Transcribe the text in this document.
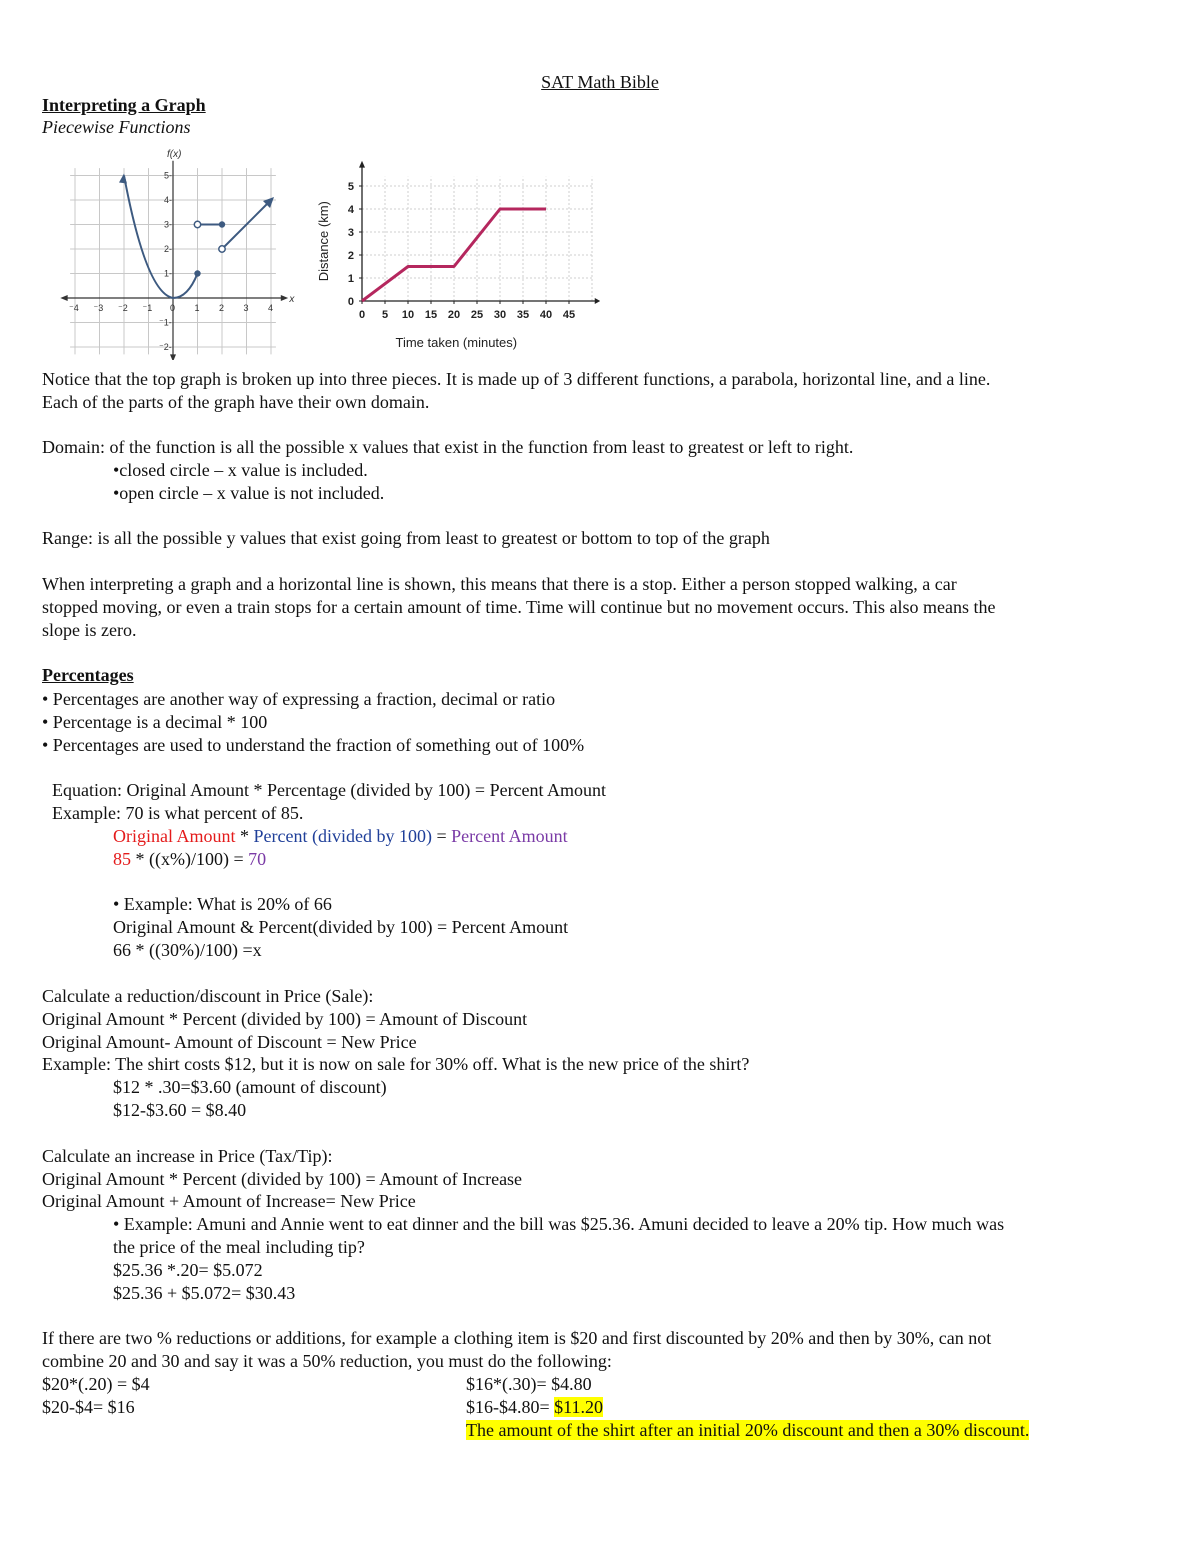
SAT Math Bible
Interpreting a Graph
Piecewise Functions
f(x)
x
⁻4 ⁻3 ⁻2 ⁻1 0 1 2 3 4
5-
4-
3-
2-
1-
⁻1-
⁻2-
0 5 10 15 20 25 30 35 40 45
0
1
2
3
4
5
Time taken (minutes)
Distance (km)
Notice that the top graph is broken up into three pieces. It is made up of 3 different functions, a parabola, horizontal line, and a line.
Each of the parts of the graph have their own domain.
Domain: of the function is all the possible x values that exist in the function from least to greatest or left to right.
•closed circle – x value is included.
•open circle – x value is not included.
Range: is all the possible y values that exist going from least to greatest or bottom to top of the graph
When interpreting a graph and a horizontal line is shown, this means that there is a stop. Either a person stopped walking, a car
stopped moving, or even a train stops for a certain amount of time. Time will continue but no movement occurs. This also means the
slope is zero.
Percentages
• Percentages are another way of expressing a fraction, decimal or ratio
• Percentage is a decimal * 100
• Percentages are used to understand the fraction of something out of 100%
Equation: Original Amount * Percentage (divided by 100) = Percent Amount
Example: 70 is what percent of 85.
Original Amount * Percent (divided by 100) = Percent Amount
85 * ((x%)/100) = 70
• Example: What is 20% of 66
Original Amount & Percent(divided by 100) = Percent Amount
66 * ((30%)/100) =x
Calculate a reduction/discount in Price (Sale):
Original Amount * Percent (divided by 100) = Amount of Discount
Original Amount- Amount of Discount = New Price
Example: The shirt costs $12, but it is now on sale for 30% off. What is the new price of the shirt?
$12 * .30=$3.60 (amount of discount)
$12-$3.60 = $8.40
Calculate an increase in Price (Tax/Tip):
Original Amount * Percent (divided by 100) = Amount of Increase
Original Amount + Amount of Increase= New Price
• Example: Amuni and Annie went to eat dinner and the bill was $25.36. Amuni decided to leave a 20% tip. How much was
the price of the meal including tip?
$25.36 *.20= $5.072
$25.36 + $5.072= $30.43
If there are two % reductions or additions, for example a clothing item is $20 and first discounted by 20% and then by 30%, can not
combine 20 and 30 and say it was a 50% reduction, you must do the following:
$20*(.20) = $4
$20-$4= $16
$16*(.30)= $4.80
$16-$4.80= $11.20
The amount of the shirt after an initial 20% discount and then a 30% discount.
